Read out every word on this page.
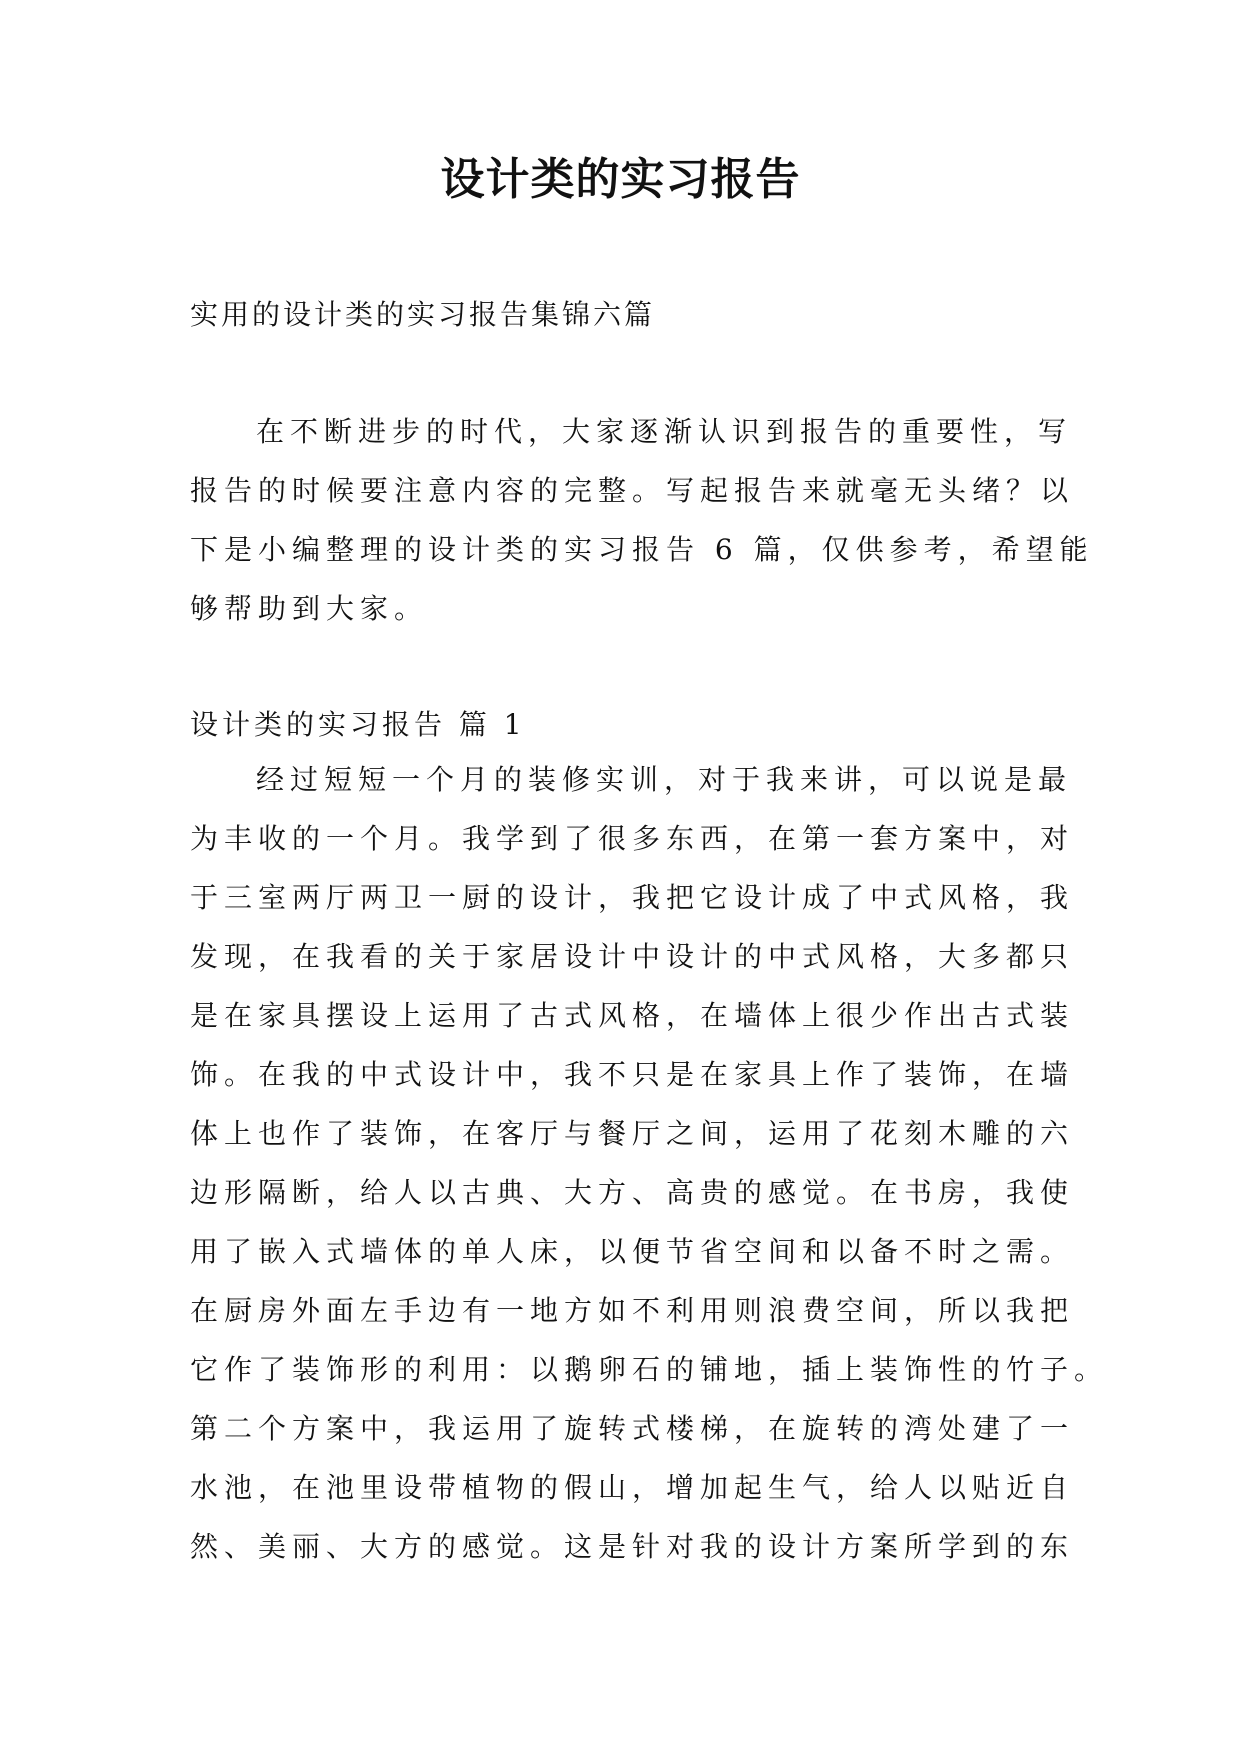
设计类的实习报告
实用的设计类的实习报告集锦六篇
在不断进步的时代，大家逐渐认识到报告的重要性，写
报告的时候要注意内容的完整。写起报告来就毫无头绪？以
下是小编整理的设计类的实习报告 6 篇，仅供参考，希望能
够帮助到大家。
设计类的实习报告 篇 1
经过短短一个月的装修实训，对于我来讲，可以说是最
为丰收的一个月。我学到了很多东西，在第一套方案中，对
于三室两厅两卫一厨的设计，我把它设计成了中式风格，我
发现，在我看的关于家居设计中设计的中式风格，大多都只
是在家具摆设上运用了古式风格，在墙体上很少作出古式装
饰。在我的中式设计中，我不只是在家具上作了装饰，在墙
体上也作了装饰，在客厅与餐厅之间，运用了花刻木雕的六
边形隔断，给人以古典、大方、高贵的感觉。在书房，我使
用了嵌入式墙体的单人床，以便节省空间和以备不时之需。
在厨房外面左手边有一地方如不利用则浪费空间，所以我把
它作了装饰形的利用：以鹅卵石的铺地，插上装饰性的竹子。
第二个方案中，我运用了旋转式楼梯，在旋转的湾处建了一
水池，在池里设带植物的假山，增加起生气，给人以贴近自
然、美丽、大方的感觉。这是针对我的设计方案所学到的东
